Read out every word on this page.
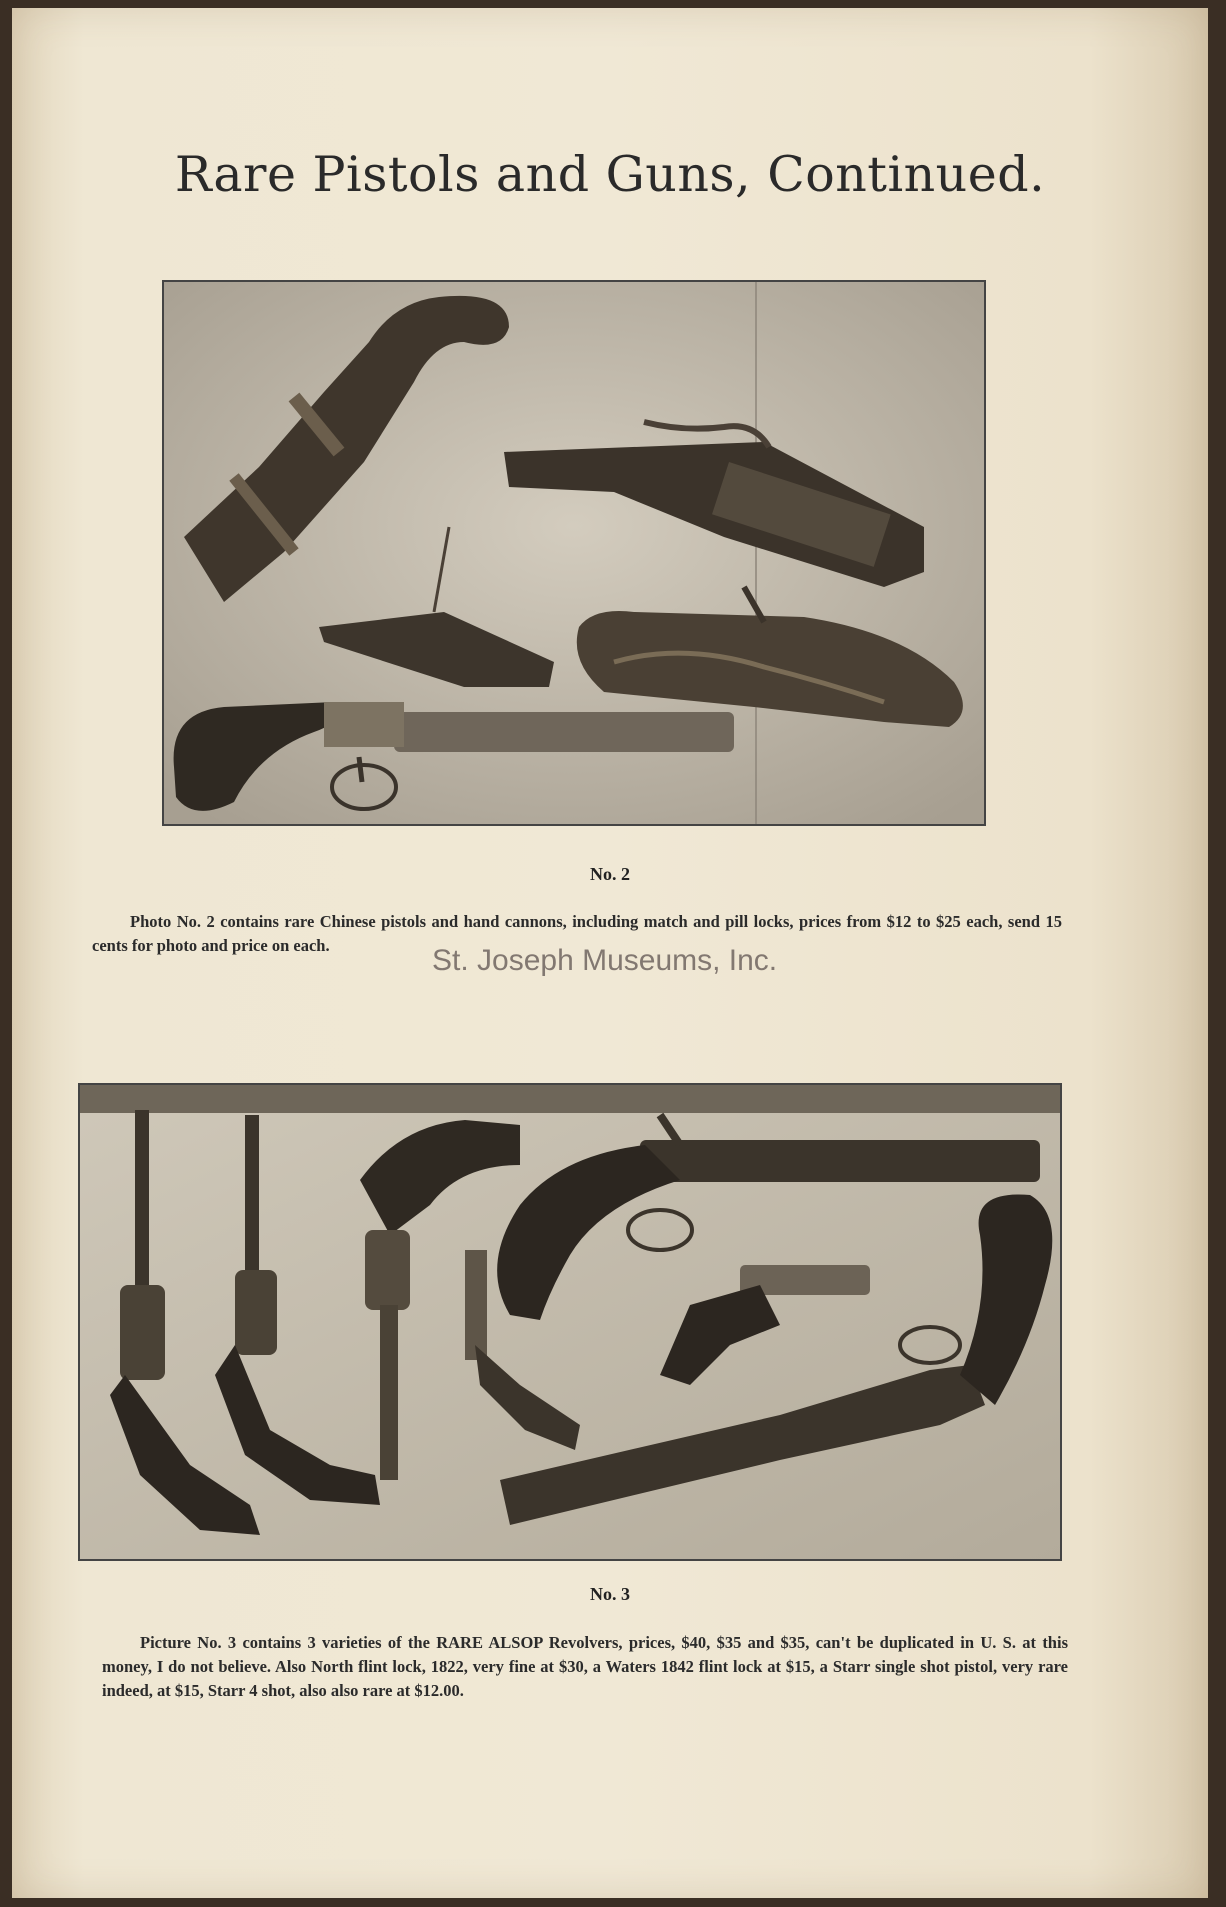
Rare Pistols and Guns, Continued.
No. 2
Photo No. 2 contains rare Chinese pistols and hand cannons, including match and pill locks, prices from $12 to $25 each, send 15 cents for photo and price on each.	St. Joseph Museums, Inc.
No. 3
Picture No. 3 contains 3 varieties of the RARE ALSOP Revolvers, prices, $40, $35 and $35, can't be duplicated in U. S. at this money, I do not believe. Also North flint lock, 1822, very fine at $30, a Waters 1842 flint lock at $15, a Starr single shot pistol, very rare indeed, at $15, Starr 4 shot, also also rare at $12.00.
